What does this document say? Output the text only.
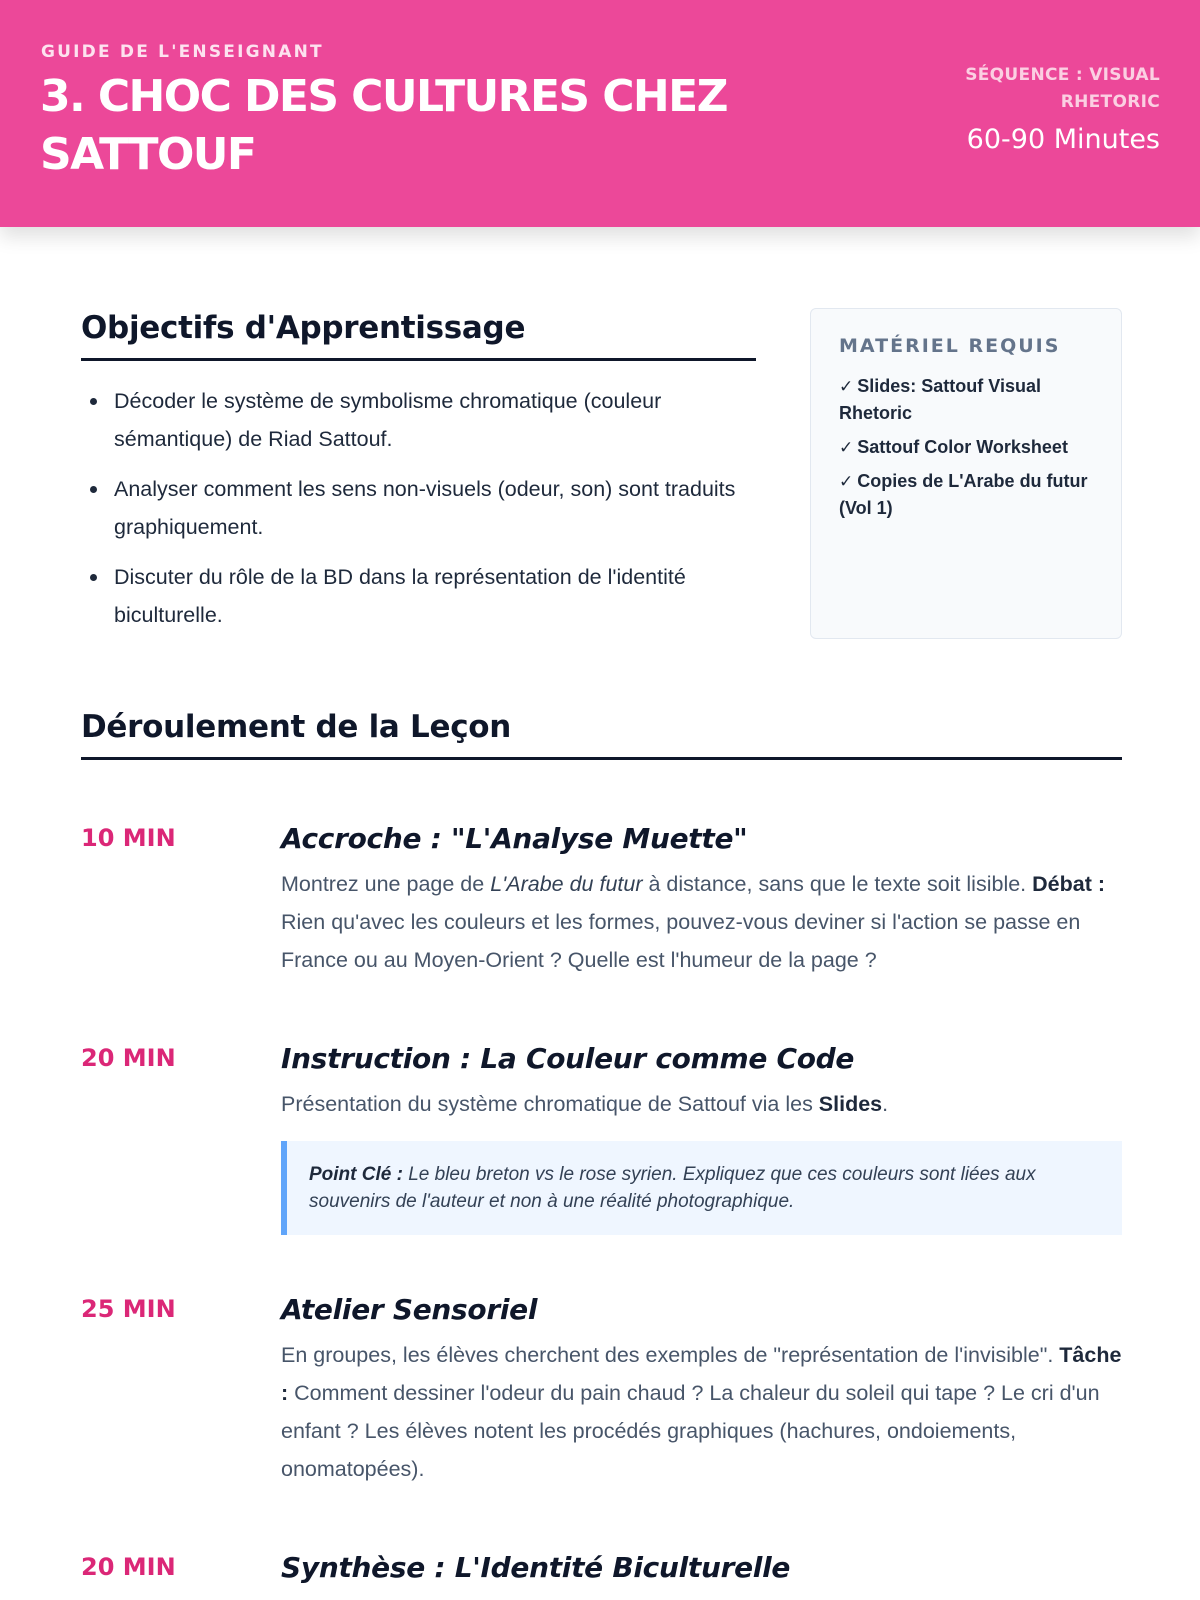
GUIDE DE L'ENSEIGNANT
3. CHOC DES CULTURES CHEZ
SATTOUF
SÉQUENCE : VISUAL
RHETORIC
60-90 Minutes
Objectifs d'Apprentissage
Décoder le système de symbolisme chromatique (couleur sémantique) de Riad Sattouf.
Analyser comment les sens non-visuels (odeur, son) sont traduits graphiquement.
Discuter du rôle de la BD dans la représentation de l'identité biculturelle.
MATÉRIEL REQUIS
✓ Slides: Sattouf Visual Rhetoric
✓ Sattouf Color Worksheet
✓ Copies de L'Arabe du futur (Vol 1)
Déroulement de la Leçon
10 MIN	Accroche : "L'Analyse Muette"

Montrez une page de L'Arabe du futur à distance, sans que le texte soit lisible. Débat : Rien qu'avec les couleurs et les formes, pouvez-vous deviner si l'action se passe en France ou au Moyen-Orient ? Quelle est l'humeur de la page ?

20 MIN	Instruction : La Couleur comme Code

Présentation du système chromatique de Sattouf via les Slides.

Point Clé : Le bleu breton vs le rose syrien. Expliquez que ces couleurs sont liées aux souvenirs de l'auteur et non à une réalité photographique.
25 MIN	Atelier Sensoriel

En groupes, les élèves cherchent des exemples de "représentation de l'invisible". Tâche : Comment dessiner l'odeur du pain chaud ? La chaleur du soleil qui tape ? Le cri d'un enfant ? Les élèves notent les procédés graphiques (hachures, ondoiements, onomatopées).

20 MIN	Synthèse : L'Identité Biculturelle
